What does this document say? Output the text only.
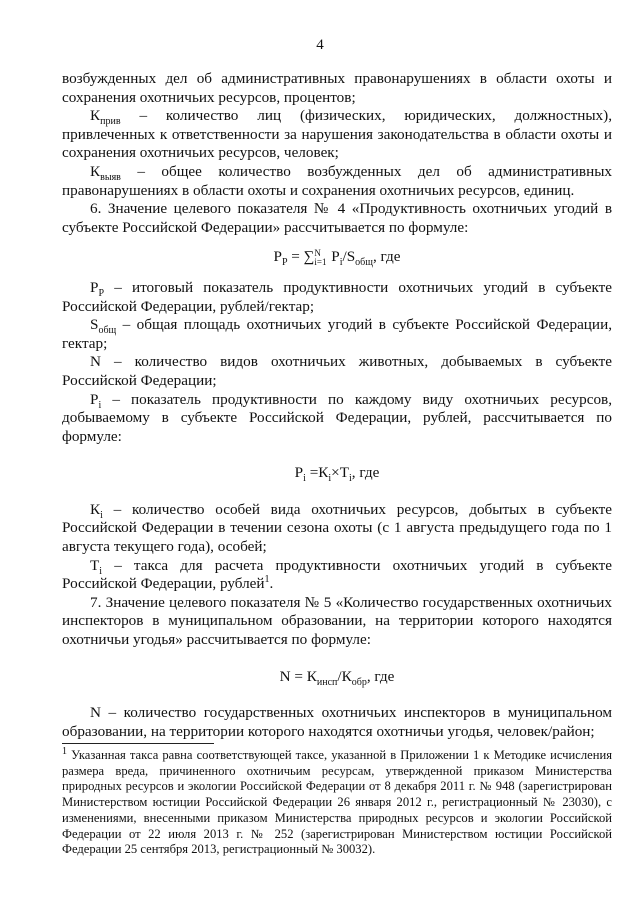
4

возбужденных дел об административных правонарушениях в области охоты и сохранения охотничьих ресурсов, процентов;

$К_{прив}$ – количество лиц (физических, юридических, должностных), привлеченных к ответственности за нарушения законодательства в области охоты и сохранения охотничьих ресурсов, человек;

$К_{выяв}$ – общее количество возбужденных дел об административных правонарушениях в области охоты и сохранения охотничьих ресурсов, единиц.

6. Значение целевого показателя № 4 «Продуктивность охотничьих угодий в субъекте Российской Федерации» рассчитывается по формуле:

$Р_Р$ = ∑ N
i=1 $Р_i/S_{общ}$, где

$Р_Р$ – итоговый показатель продуктивности охотничьих угодий в субъекте Российской Федерации, рублей/гектар;

$S_{общ}$ – общая площадь охотничьих угодий в субъекте Российской Федерации, гектар;

N – количество видов охотничьих животных, добываемых в субъекте Российской Федерации;

$Р_i$ – показатель продуктивности по каждому виду охотничьих ресурсов, добываемому в субъекте Российской Федерации, рублей, рассчитывается по формуле:

$Р_i =К_i\times Т_i$, где

$К_i$ – количество особей вида охотничьих ресурсов, добытых в субъекте Российской Федерации в течении сезона охоты (с 1 августа предыдущего года по 1 августа текущего года), особей;

$Т_i$ – такса для расчета продуктивности охотничьих угодий в субъекте Российской Федерации, рублей$^1$.

7. Значение целевого показателя № 5 «Количество государственных охотничьих инспекторов в муниципальном образовании, на территории которого находятся охотничьи угодья» рассчитывается по формуле:

$N = К_{инсп}/К_{обр}$, где

N – количество государственных охотничьих инспекторов в муниципальном образовании, на территории которого находятся охотничьи угодья, человек/район;

$^1$ Указанная такса равна соответствующей таксе, указанной в Приложении 1 к Методике исчисления размера вреда, причиненного охотничьим ресурсам, утвержденной приказом Министерства природных ресурсов и экологии Российской Федерации от 8 декабря 2011 г. № 948 (зарегистрирован Министерством юстиции Российской Федерации 26 января 2012 г., регистрационный № 23030), с изменениями, внесенными приказом Министерства природных ресурсов и экологии Российской Федерации от 22 июля 2013 г. № 252 (зарегистрирован Министерством юстиции Российской Федерации 25 сентября 2013, регистрационный № 30032).
